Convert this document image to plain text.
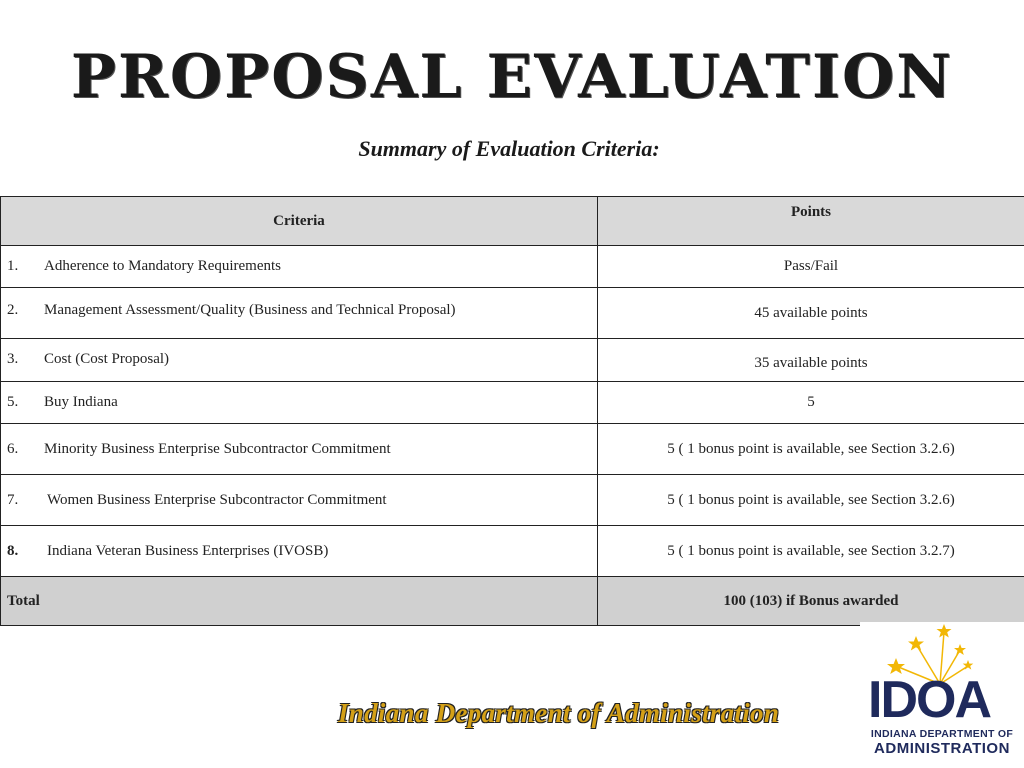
PROPOSAL EVALUATION
Summary of Evaluation Criteria:
Criteria	Points
1. Adherence to Mandatory Requirements	Pass/Fail
2. Management Assessment/Quality (Business and Technical Proposal)	45 available points
3. Cost (Cost Proposal)	35 available points
5. Buy Indiana	5
6. Minority Business Enterprise Subcontractor Commitment	5 ( 1 bonus point is available, see Section 3.2.6)
7. Women Business Enterprise Subcontractor Commitment	5 ( 1 bonus point is available, see Section 3.2.6)
8. Indiana Veteran Business Enterprises (IVOSB)	5 ( 1 bonus point is available, see Section 3.2.7)
Total	100 (103) if Bonus awarded
Indiana Department of Administration IDOA
INDIANA DEPARTMENT OF
ADMINISTRATION
